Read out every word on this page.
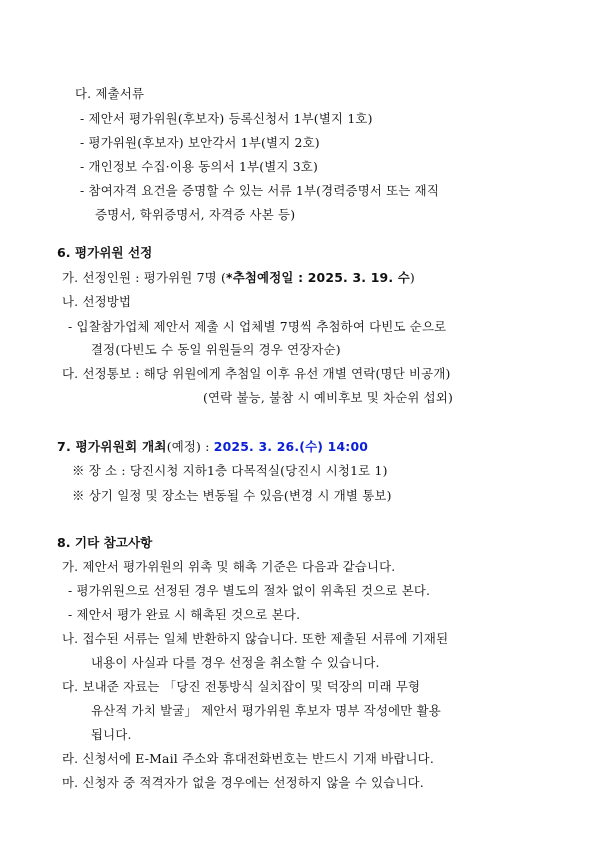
다. 제출서류
- 제안서 평가위원(후보자) 등록신청서 1부(별지 1호)
- 평가위원(후보자) 보안각서 1부(별지 2호)
- 개인정보 수집·이용 동의서 1부(별지 3호)
- 참여자격 요건을 증명할 수 있는 서류 1부(경력증명서 또는 재직
증명서, 학위증명서, 자격증 사본 등)
6. 평가위원 선정
가. 선정인원 : 평가위원 7명 (*추첨예정일 : 2025. 3. 19. 수)
나. 선정방법
- 입찰참가업체 제안서 제출 시 업체별 7명씩 추첨하여 다빈도 순으로
결정(다빈도 수 동일 위원들의 경우 연장자순)
다. 선정통보 : 해당 위원에게 추첨일 이후 유선 개별 연락(명단 비공개)
(연락 불능, 불참 시 예비후보 및 차순위 섭외)
7. 평가위원회 개최(예정) : 2025. 3. 26.(수) 14:00
※ 장 소 : 당진시청 지하1층 다목적실(당진시 시청1로 1)
※ 상기 일정 및 장소는 변동될 수 있음(변경 시 개별 통보)
8. 기타 참고사항
가. 제안서 평가위원의 위촉 및 해촉 기준은 다음과 같습니다.
- 평가위원으로 선정된 경우 별도의 절차 없이 위촉된 것으로 본다.
- 제안서 평가 완료 시 해촉된 것으로 본다.
나. 접수된 서류는 일체 반환하지 않습니다. 또한 제출된 서류에 기재된
내용이 사실과 다를 경우 선정을 취소할 수 있습니다.
다. 보내준 자료는 「당진 전통방식 실치잡이 및 덕장의 미래 무형
유산적 가치 발굴」 제안서 평가위원 후보자 명부 작성에만 활용
됩니다.
라. 신청서에 E-Mail 주소와 휴대전화번호는 반드시 기재 바랍니다.
마. 신청자 중 적격자가 없을 경우에는 선정하지 않을 수 있습니다.
